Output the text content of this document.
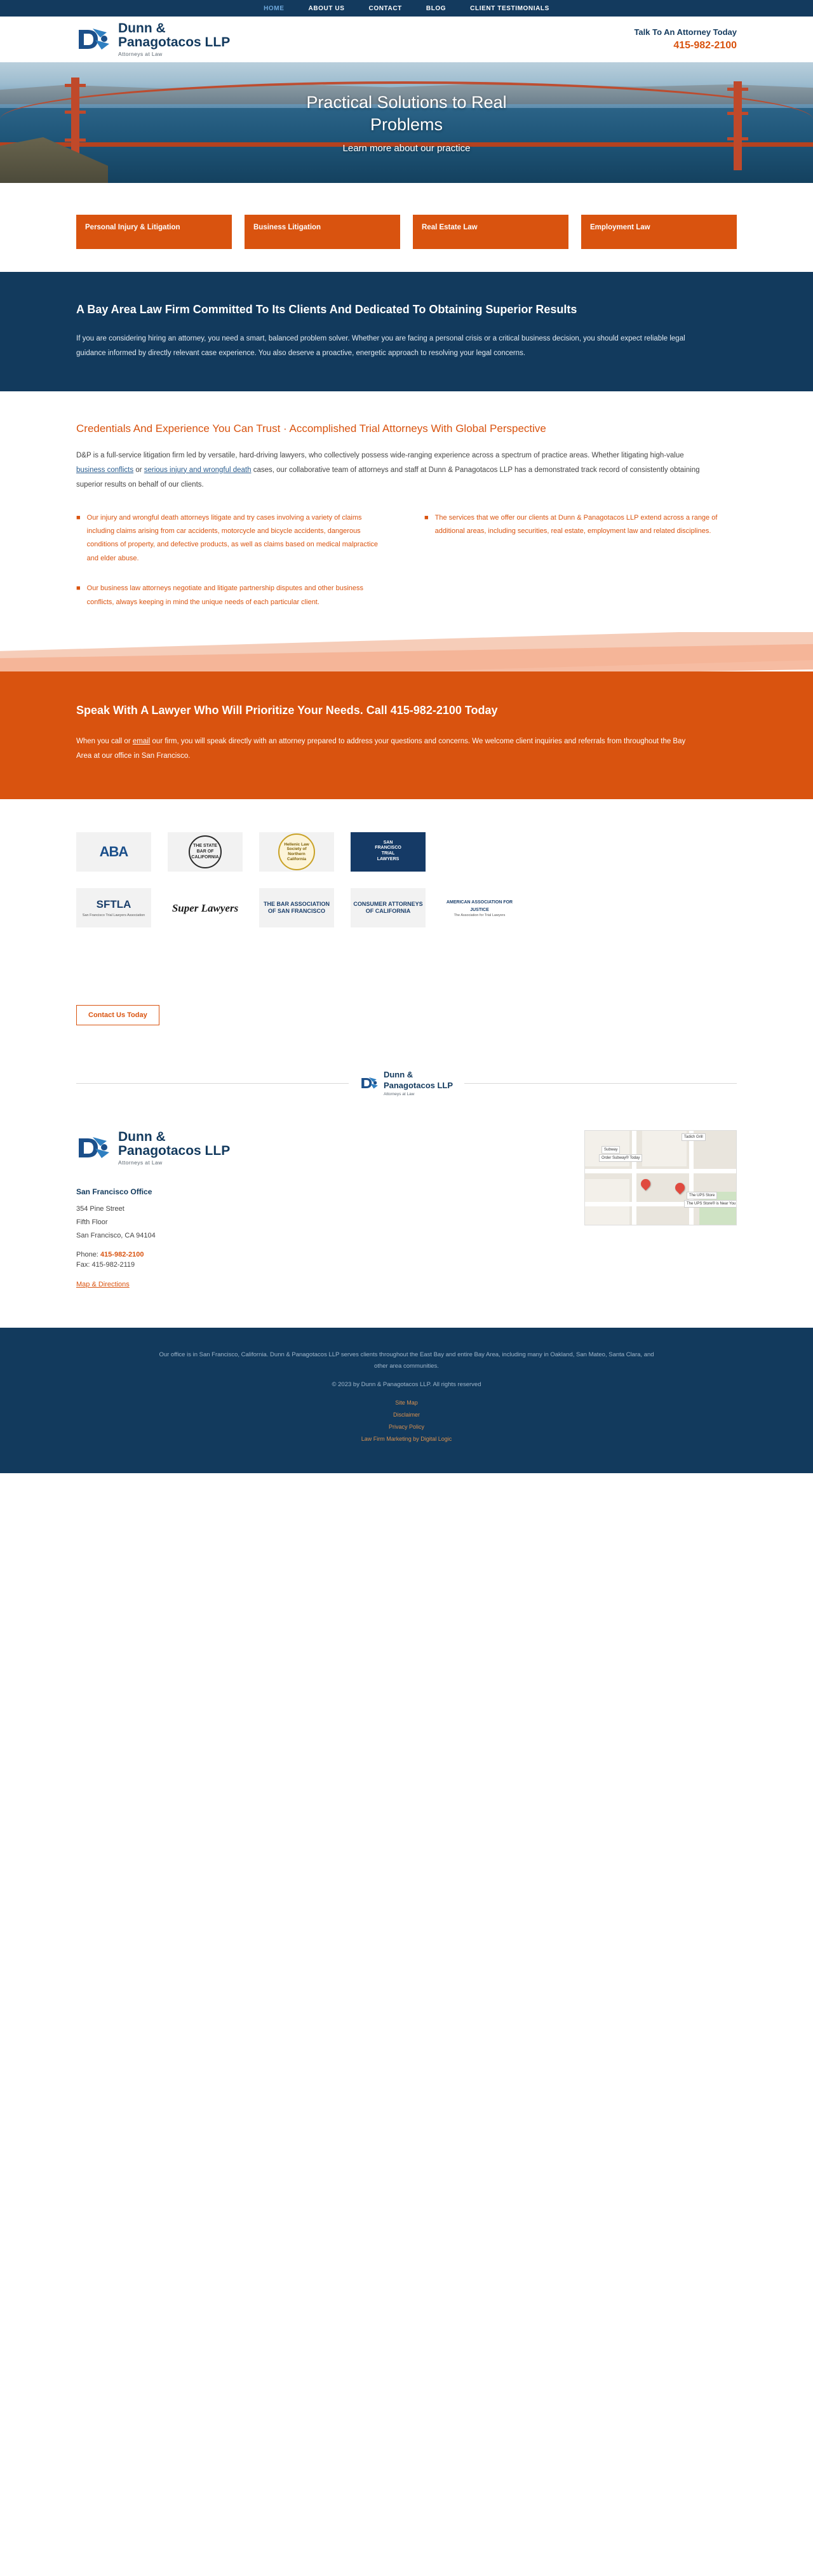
HOME	ABOUT US	CONTACT	BLOG	CLIENT TESTIMONIALS
Dunn &
Panagotacos LLP
Attorneys at Law
Talk To An Attorney Today
415-982-2100
Practical Solutions to Real Problems
Learn more about our practice
Personal Injury & Litigation	Business Litigation	Real Estate Law	Employment Law
A Bay Area Law Firm Committed To Its Clients And Dedicated To Obtaining Superior Results

If you are considering hiring an attorney, you need a smart, balanced problem solver. Whether you are facing a personal crisis or a critical business decision, you should expect reliable legal guidance informed by directly relevant case experience. You also deserve a proactive, energetic approach to resolving your legal concerns.

Credentials And Experience You Can Trust · Accomplished Trial Attorneys With Global Perspective

D&P is a full-service litigation firm led by versatile, hard-driving lawyers, who collectively possess wide-ranging experience across a spectrum of practice areas. Whether litigating high-value business conflicts or serious injury and wrongful death cases, our collaborative team of attorneys and staff at Dunn & Panagotacos LLP has a demonstrated track record of consistently obtaining superior results on behalf of our clients.

■ Our injury and wrongful death attorneys litigate and try cases involving a variety of claims including claims arising from car accidents, motorcycle and bicycle accidents, dangerous conditions of property, and defective products, as well as claims based on medical malpractice and elder abuse.
■ Our business law attorneys negotiate and litigate partnership disputes and other business conflicts, always keeping in mind the unique needs of each particular client.
■ The services that we offer our clients at Dunn & Panagotacos LLP extend across a range of additional areas, including securities, real estate, employment law and related disciplines.
Speak With A Lawyer Who Will Prioritize Your Needs. Call 415-982-2100 Today

When you call or email our firm, you will speak directly with an attorney prepared to address your questions and concerns. We welcome client inquiries and referrals from throughout the Bay Area at our office in San Francisco.

ABA	THE STATE BAR OF CALIFORNIA
Hellenic Law Society of Northern California
SAN FRANCISCO TRIAL LAWYERS
SFTLA
San Francisco Trial Lawyers Association
Super Lawyers	THE BAR ASSOCIATION OF SAN FRANCISCO
CONSUMER ATTORNEYS OF CALIFORNIA
AMERICAN ASSOCIATION FOR JUSTICE
The Association for Trial Lawyers
Contact Us Today
Dunn &
Panagotacos LLP
Attorneys at Law
Dunn &
Panagotacos LLP
Attorneys at Law
San Francisco Office
354 Pine Street
Fifth Floor
San Francisco, CA 94104
Phone: 415-982-2100
Fax: 415-982-2119
Map & Directions
Subway
Order Subway® Today
The UPS Store
The UPS Store® is Near You
Tadich Grill
Our office is in San Francisco, California. Dunn & Panagotacos LLP serves clients throughout the East Bay and entire Bay Area, including many in Oakland, San Mateo, Santa Clara, and other area communities.
© 2023 by Dunn & Panagotacos LLP. All rights reserved
Site Map
Disclaimer
Privacy Policy
Law Firm Marketing by Digital Logic
